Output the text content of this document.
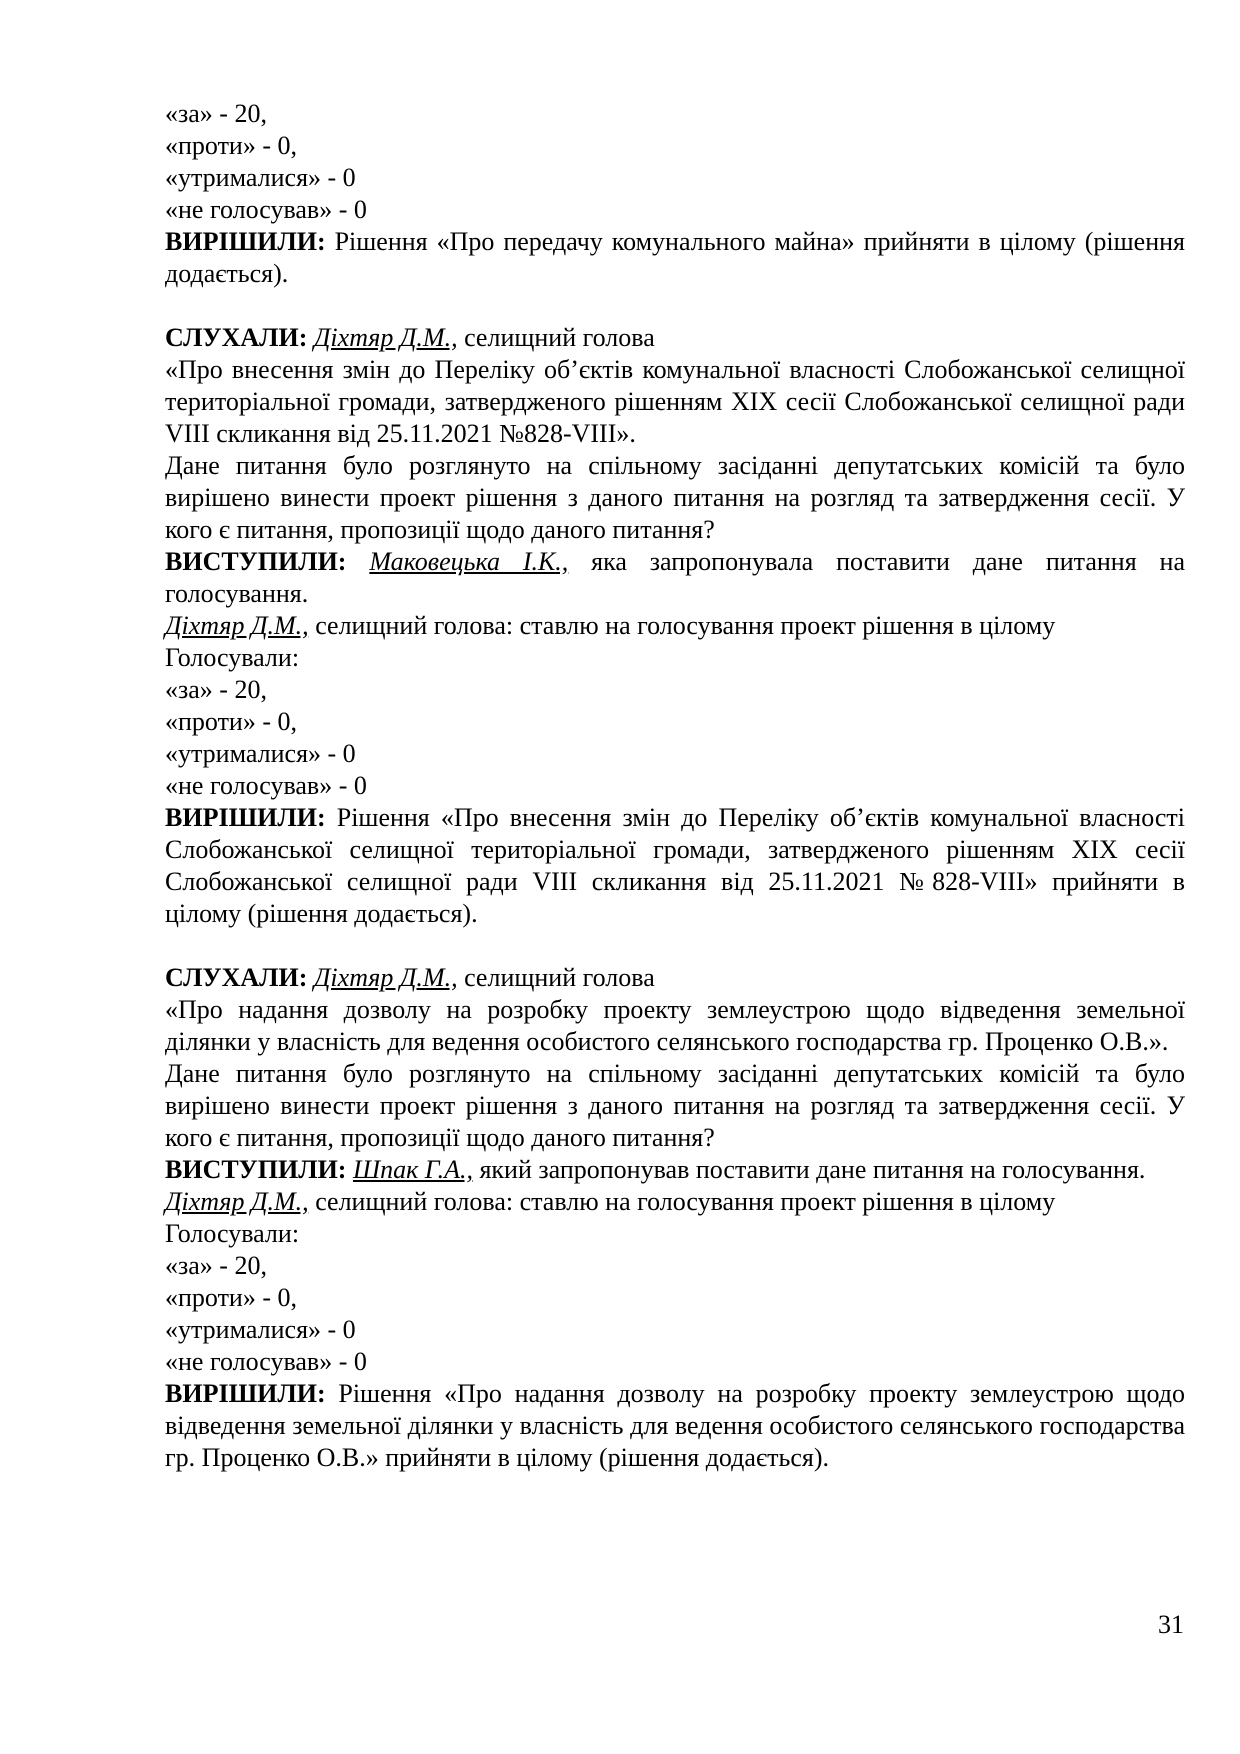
«за» - 20,
«проти» - 0,
«утрималися» - 0
«не голосував» - 0
ВИРІШИЛИ: Рішення «Про передачу комунального майна» прийняти в цілому (рішення додається).
СЛУХАЛИ: Діхтяр Д.М., селищний голова
«Про внесення змін до Переліку об’єктів комунальної власності Слобожанської селищної територіальної громади, затвердженого рішенням XIX сесії Слобожанської селищної ради VIII скликання від 25.11.2021 №828-VIII».
Дане питання було розглянуто на спільному засіданні депутатських комісій та було вирішено винести проект рішення з даного питання на розгляд та затвердження сесії. У кого є питання, пропозиції щодо даного питання?
ВИСТУПИЛИ: Маковецька І.К., яка запропонувала поставити дане питання на голосування.
Діхтяр Д.М., селищний голова: ставлю на голосування проект рішення в цілому
Голосували:
«за» - 20,
«проти» - 0,
«утрималися» - 0
«не голосував» - 0
ВИРІШИЛИ: Рішення «Про внесення змін до Переліку об’єктів комунальної власності Слобожанської селищної територіальної громади, затвердженого рішенням XIX сесії Слобожанської селищної ради VIII скликання від 25.11.2021 №828-VIII» прийняти в цілому (рішення додається).
СЛУХАЛИ: Діхтяр Д.М., селищний голова
«Про надання дозволу на розробку проекту землеустрою щодо відведення земельної ділянки у власність для ведення особистого селянського господарства гр. Проценко О.В.».
Дане питання було розглянуто на спільному засіданні депутатських комісій та було вирішено винести проект рішення з даного питання на розгляд та затвердження сесії. У кого є питання, пропозиції щодо даного питання?
ВИСТУПИЛИ: Шпак Г.А., який запропонував поставити дане питання на голосування.
Діхтяр Д.М., селищний голова: ставлю на голосування проект рішення в цілому
Голосували:
«за» - 20,
«проти» - 0,
«утрималися» - 0
«не голосував» - 0
ВИРІШИЛИ: Рішення «Про надання дозволу на розробку проекту землеустрою щодо відведення земельної ділянки у власність для ведення особистого селянського господарства гр. Проценко О.В.» прийняти в цілому (рішення додається).
31
